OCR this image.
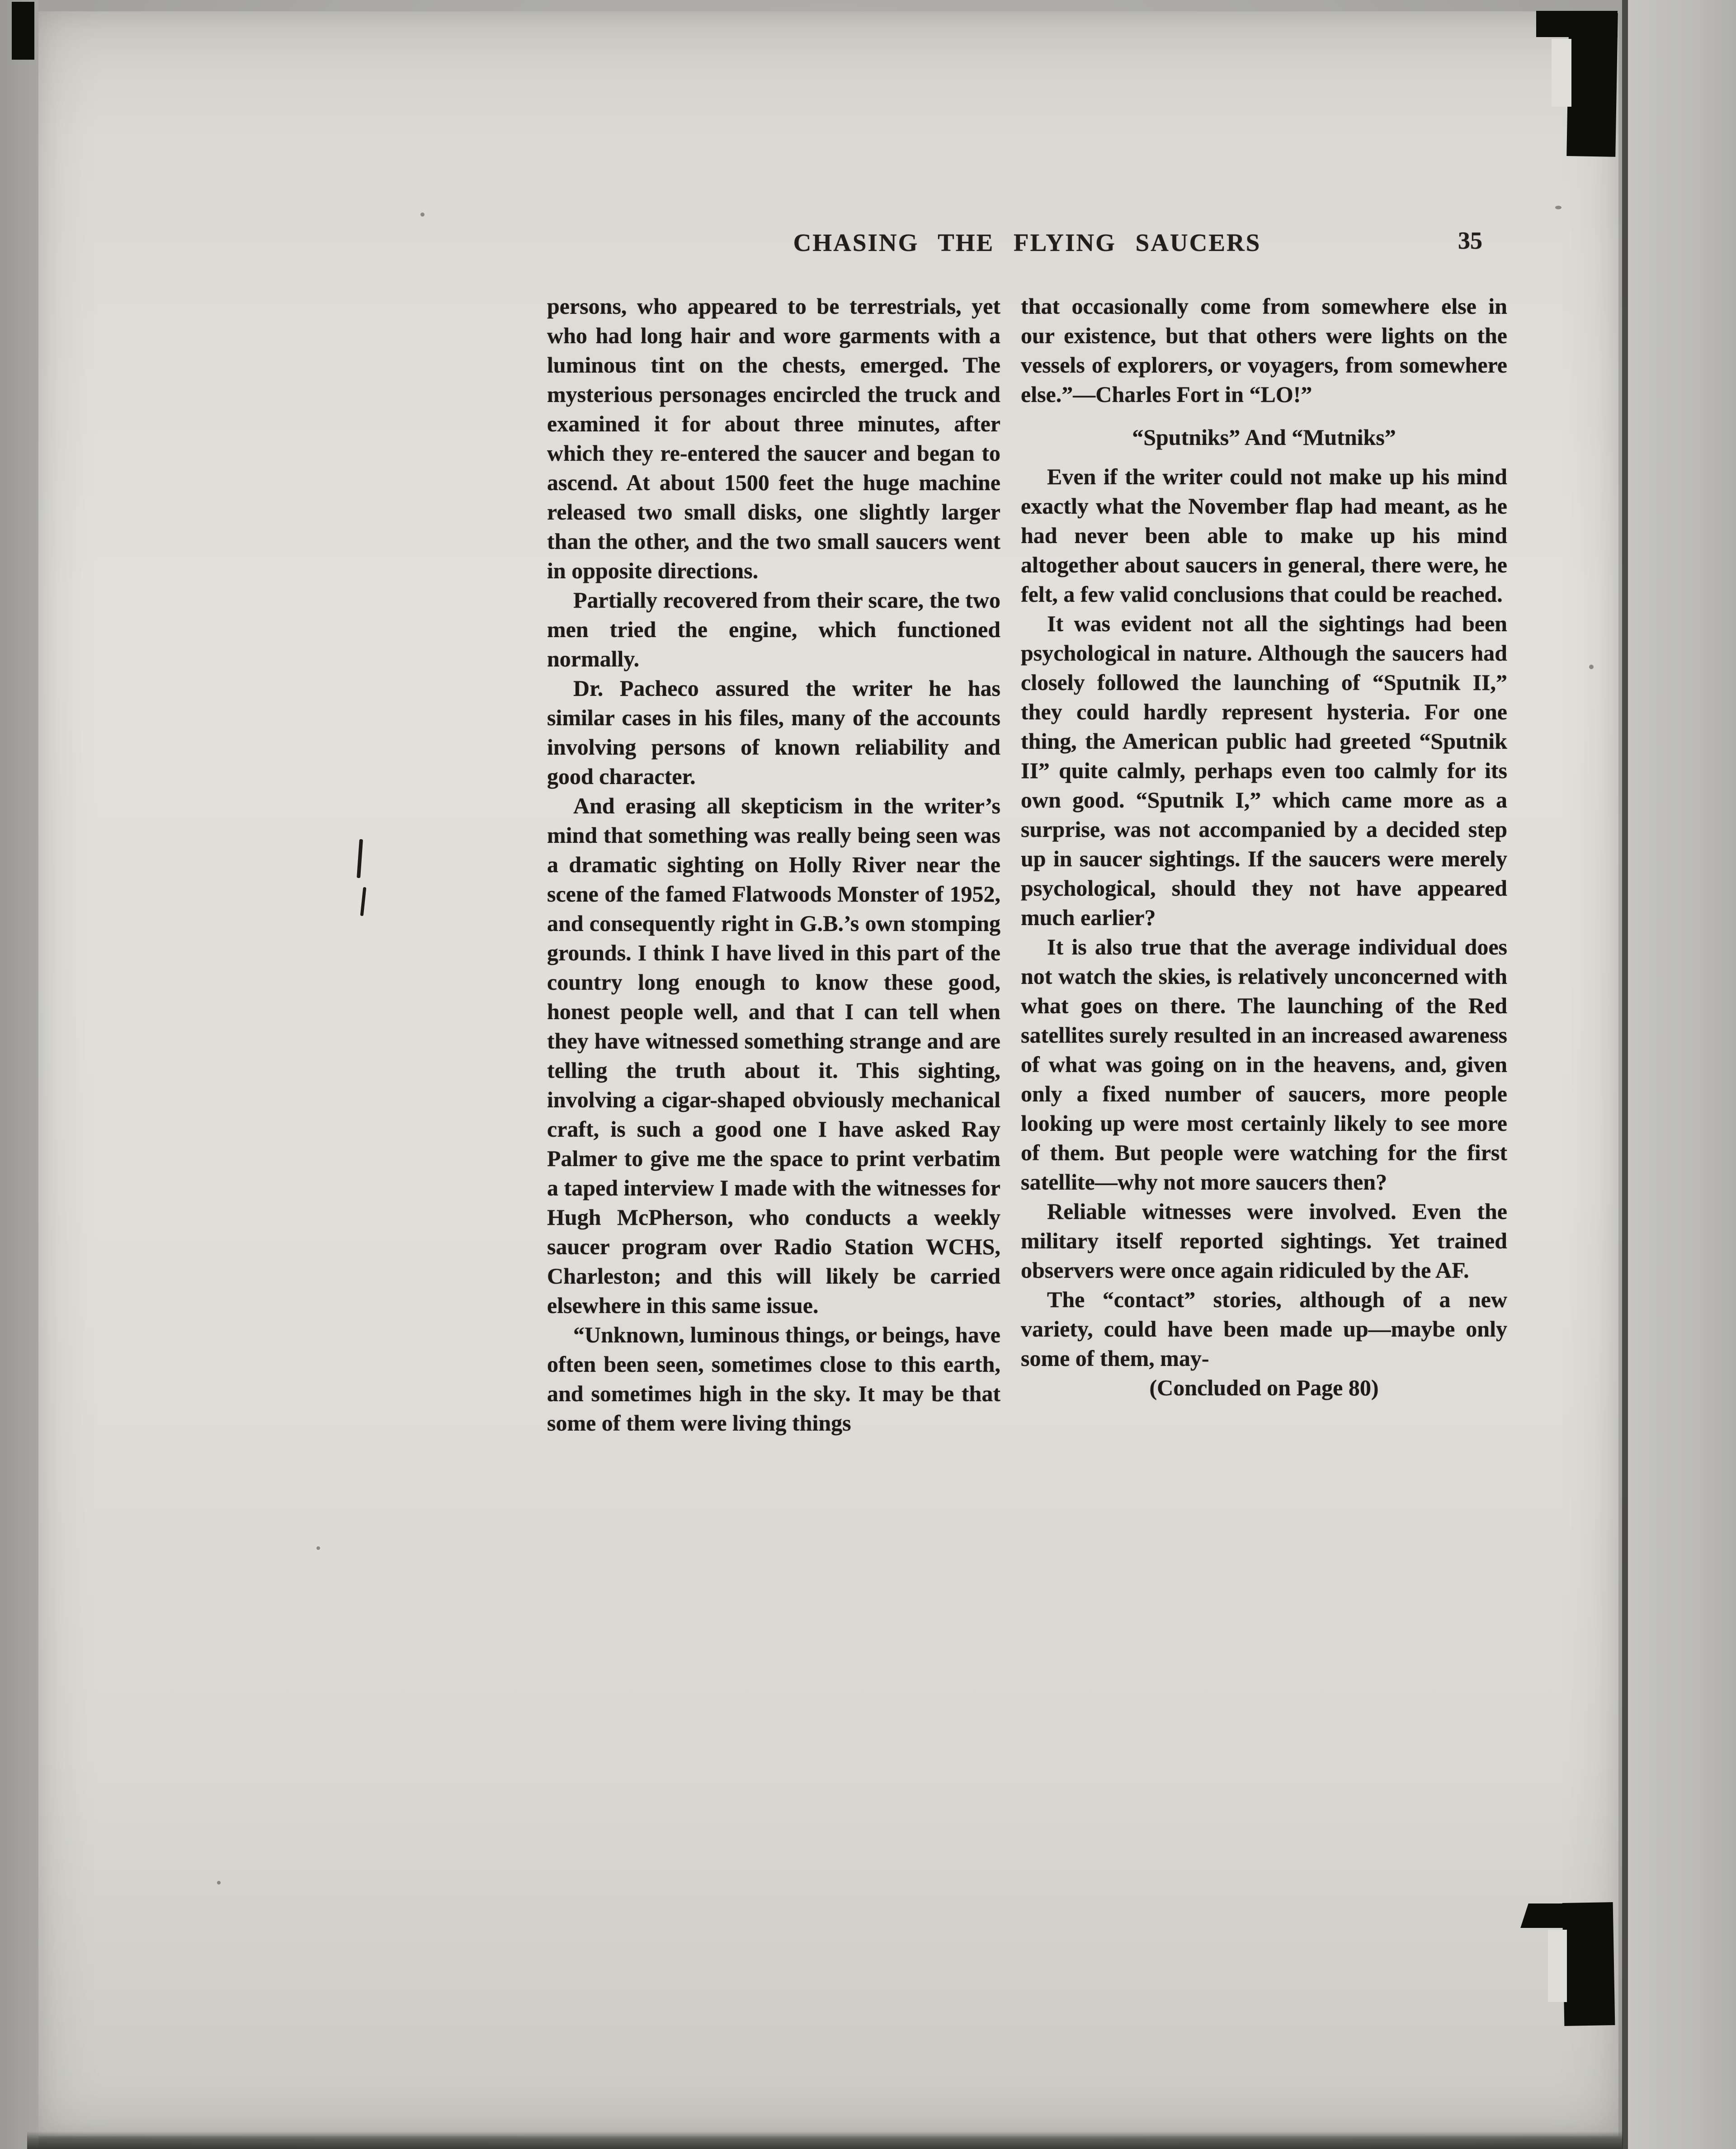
CHASING THE FLYING SAUCERS	35

persons, who appeared to be terrestrials, yet who had long hair and wore garments with a luminous tint on the chests, emerged. The mysterious personages encircled the truck and examined it for about three minutes, after which they re-entered the saucer and began to ascend. At about 1500 feet the huge machine released two small disks, one slightly larger than the other, and the two small saucers went in opposite directions.

Partially recovered from their scare, the two men tried the engine, which functioned normally.

Dr. Pacheco assured the writer he has similar cases in his files, many of the accounts involving persons of known reliability and good character.

And erasing all skepticism in the writer’s mind that something was really being seen was a dramatic sighting on Holly River near the scene of the famed Flatwoods Monster of 1952, and consequently right in G.B.’s own stomping grounds. I think I have lived in this part of the country long enough to know these good, honest people well, and that I can tell when they have witnessed something strange and are telling the truth about it. This sighting, involving a cigar-shaped obviously mechanical craft, is such a good one I have asked Ray Palmer to give me the space to print verbatim a taped interview I made with the witnesses for Hugh McPherson, who conducts a weekly saucer program over Radio Station WCHS, Charleston; and this will likely be carried elsewhere in this same issue.

“Unknown, luminous things, or beings, have often been seen, sometimes close to this earth, and sometimes high in the sky. It may be that some of them were living things

that occasionally come from somewhere else in our existence, but that others were lights on the vessels of explorers, or voyagers, from somewhere else.”—Charles Fort in “LO!”

“Sputniks” And “Mutniks”

Even if the writer could not make up his mind exactly what the November flap had meant, as he had never been able to make up his mind altogether about saucers in general, there were, he felt, a few valid conclusions that could be reached.

It was evident not all the sightings had been psychological in nature. Although the saucers had closely followed the launching of “Sputnik II,” they could hardly represent hysteria. For one thing, the American public had greeted “Sputnik II” quite calmly, perhaps even too calmly for its own good. “Sputnik I,” which came more as a surprise, was not accompanied by a decided step up in saucer sightings. If the saucers were merely psychological, should they not have appeared much earlier?

It is also true that the average individual does not watch the skies, is relatively unconcerned with what goes on there. The launching of the Red satellites surely resulted in an increased awareness of what was going on in the heavens, and, given only a fixed number of saucers, more people looking up were most certainly likely to see more of them. But people were watching for the first satellite—why not more saucers then?

Reliable witnesses were involved. Even the military itself reported sightings. Yet trained observers were once again ridiculed by the AF.

The “contact” stories, although of a new variety, could have been made up—maybe only some of them, may-

(Concluded on Page 80)
